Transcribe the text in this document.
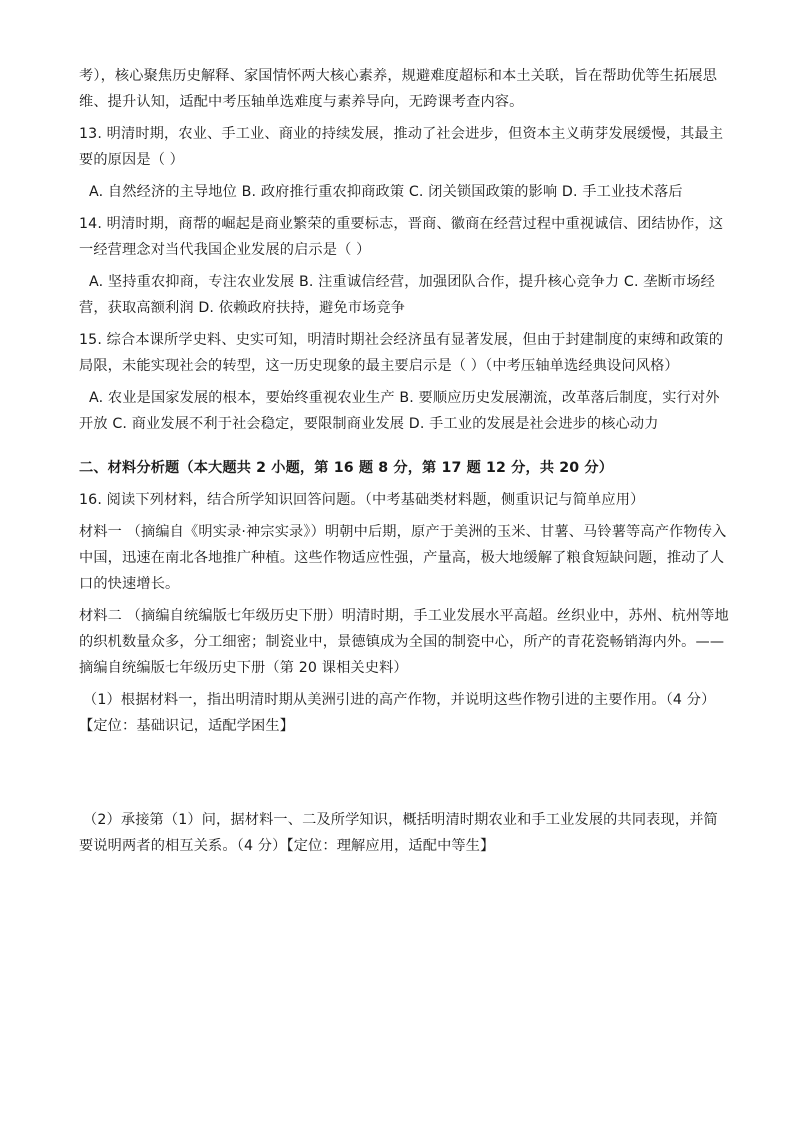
考），核心聚焦历史解释、家国情怀两大核心素养，规避难度超标和本土关联，旨在帮助优等生拓展思维、提升认知，适配中考压轴单选难度与素养导向，无跨课考查内容。

13. 明清时期，农业、手工业、商业的持续发展，推动了社会进步，但资本主义萌芽发展缓慢，其最主要的原因是（ ）

A. 自然经济的主导地位 B. 政府推行重农抑商政策 C. 闭关锁国政策的影响 D. 手工业技术落后

14. 明清时期，商帮的崛起是商业繁荣的重要标志，晋商、徽商在经营过程中重视诚信、团结协作，这一经营理念对当代我国企业发展的启示是（ ）

A. 坚持重农抑商，专注农业发展 B. 注重诚信经营，加强团队合作，提升核心竞争力 C. 垄断市场经营，获取高额利润 D. 依赖政府扶持，避免市场竞争

15. 综合本课所学史料、史实可知，明清时期社会经济虽有显著发展，但由于封建制度的束缚和政策的局限，未能实现社会的转型，这一历史现象的最主要启示是（ ）（中考压轴单选经典设问风格）

A. 农业是国家发展的根本，要始终重视农业生产 B. 要顺应历史发展潮流，改革落后制度，实行对外开放 C. 商业发展不利于社会稳定，要限制商业发展 D. 手工业的发展是社会进步的核心动力

二、材料分析题（本大题共 2 小题，第 16 题 8 分，第 17 题 12 分，共 20 分）

16. 阅读下列材料，结合所学知识回答问题。（中考基础类材料题，侧重识记与简单应用）

材料一 （摘编自《明实录·神宗实录》）明朝中后期，原产于美洲的玉米、甘薯、马铃薯等高产作物传入中国，迅速在南北各地推广种植。这些作物适应性强，产量高，极大地缓解了粮食短缺问题，推动了人口的快速增长。

材料二 （摘编自统编版七年级历史下册）明清时期，手工业发展水平高超。丝织业中，苏州、杭州等地的织机数量众多，分工细密；制瓷业中，景德镇成为全国的制瓷中心，所产的青花瓷畅销海内外。—— 摘编自统编版七年级历史下册（第 20 课相关史料）

（1）根据材料一，指出明清时期从美洲引进的高产作物，并说明这些作物引进的主要作用。（4 分）【定位：基础识记，适配学困生】

（2）承接第（1）问，据材料一、二及所学知识，概括明清时期农业和手工业发展的共同表现，并简要说明两者的相互关系。（4 分）【定位：理解应用，适配中等生】
